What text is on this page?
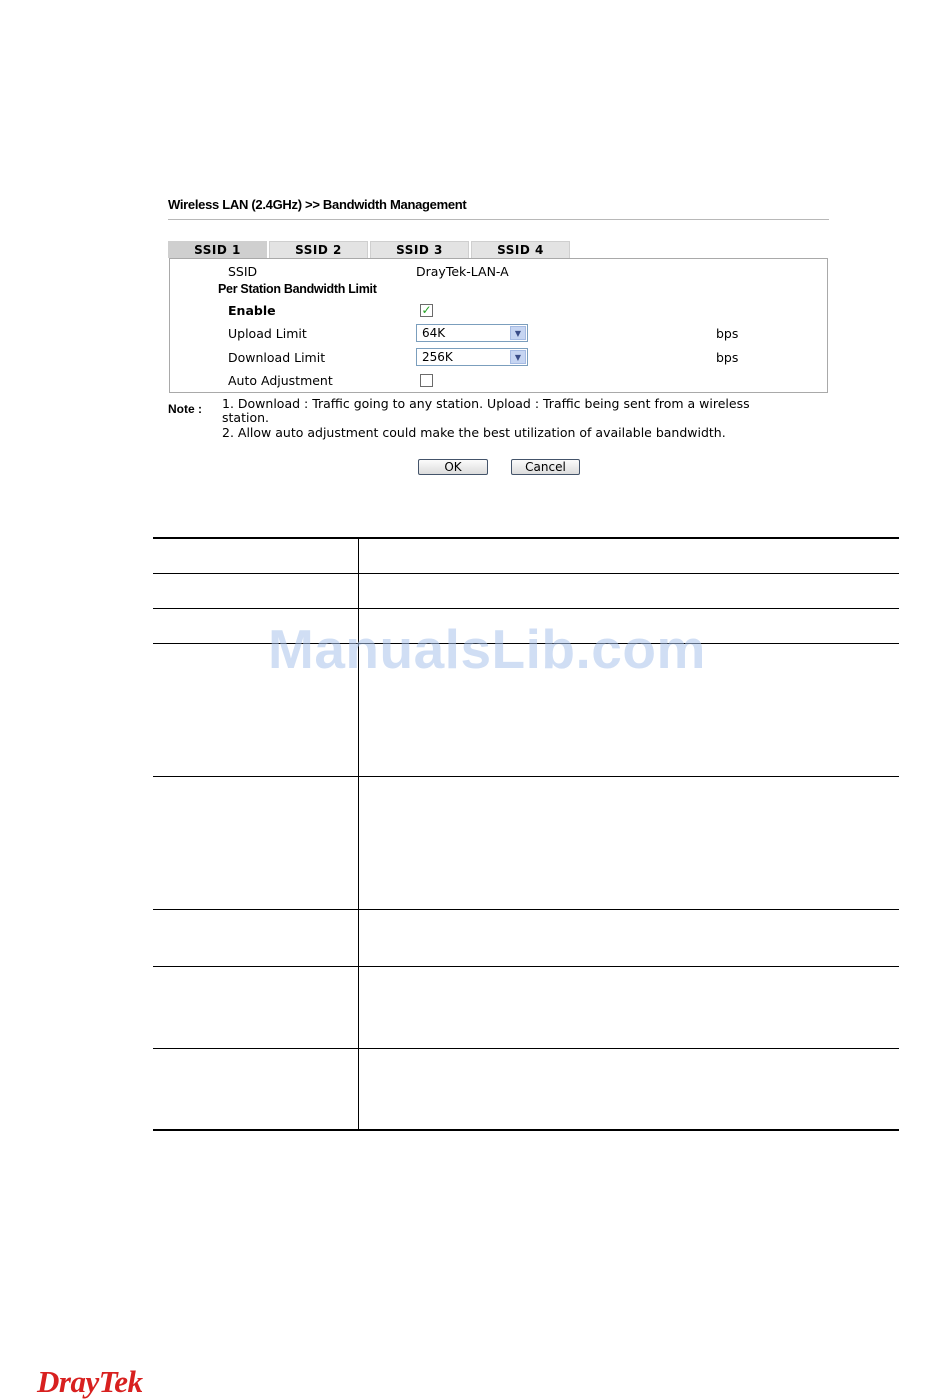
Wireless LAN (2.4GHz) >> Bandwidth Management
SSID 1	SSID 2	SSID 3	SSID 4
SSID	DrayTek-LAN-A
Per Station Bandwidth Limit
Enable	✓
Upload Limit	64K	▼	bps
Download Limit	256K	▼	bps
Auto Adjustment
Note : 1. Download : Traffic going to any station. Upload : Traffic being sent from a wireless
station.
2. Allow auto adjustment could make the best utilization of available bandwidth.
OK	Cancel
ManualsLib.com
DrayTek
